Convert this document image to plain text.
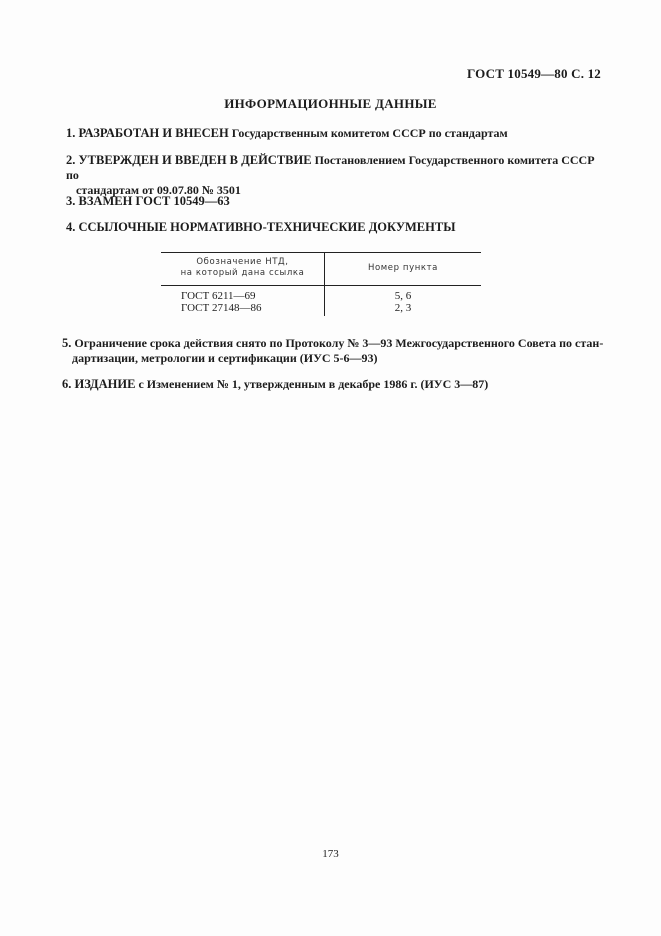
ГОСТ 10549—80 С. 12
ИНФОРМАЦИОННЫЕ ДАННЫЕ
1. РАЗРАБОТАН И ВНЕСЕН Государственным комитетом СССР по стандартам
2. УТВЕРЖДЕН И ВВЕДЕН В ДЕЙСТВИЕ Постановлением Государственного комитета СССР по
стандартам от 09.07.80 № 3501
3. ВЗАМЕН ГОСТ 10549—63
4. ССЫЛОЧНЫЕ НОРМАТИВНО-ТЕХНИЧЕСКИЕ ДОКУМЕНТЫ
Обозначение НТД,
на который дана ссылка	Номер пункта
ГОСТ 6211—69
ГОСТ 27148—86
5, 6
2, 3
5. Ограничение срока действия снято по Протоколу № 3—93 Межгосударственного Совета по стан-
дартизации, метрологии и сертификации (ИУС 5-6—93)
6. ИЗДАНИЕ с Изменением № 1, утвержденным в декабре 1986 г. (ИУС 3—87)
173
